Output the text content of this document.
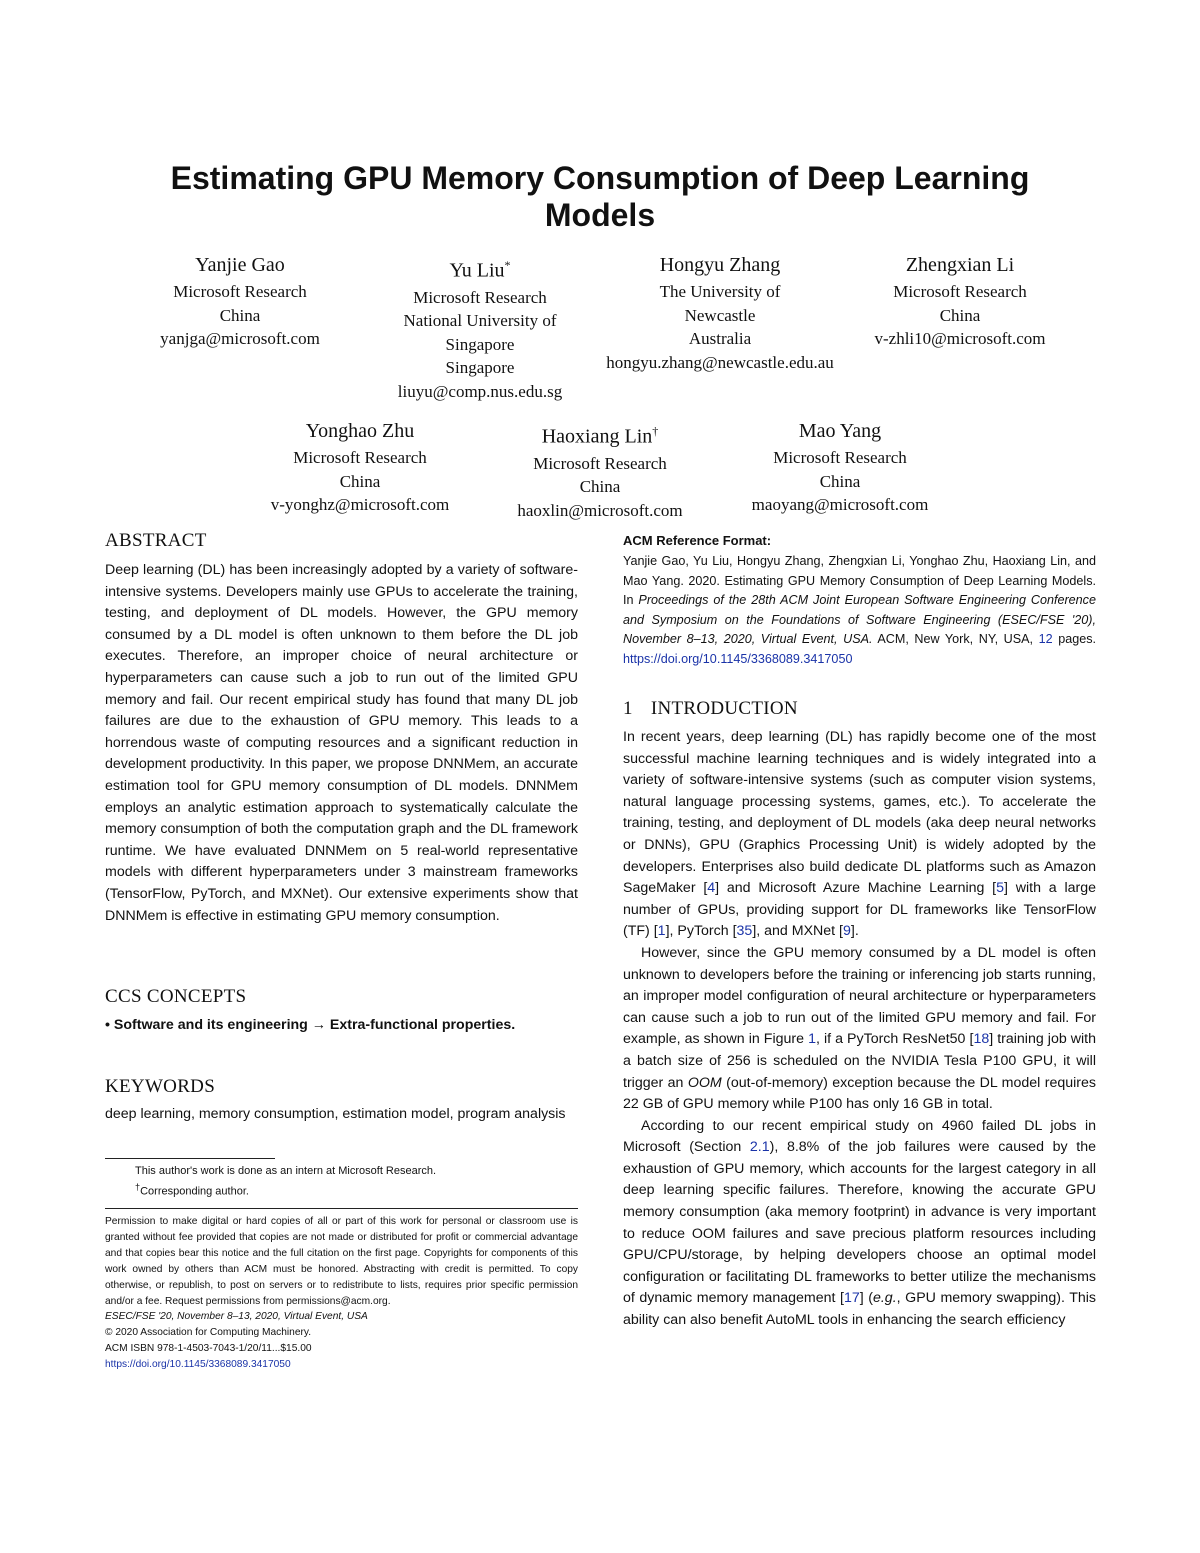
Estimating GPU Memory Consumption of Deep Learning
Models
Yanjie Gao
Microsoft Research
China
yanjga@microsoft.com
Yu Liu*
Microsoft Research
National University of
Singapore
Singapore
liuyu@comp.nus.edu.sg
Hongyu Zhang
The University of
Newcastle
Australia
hongyu.zhang@newcastle.edu.au
Zhengxian Li
Microsoft Research
China
v-zhli10@microsoft.com
Yonghao Zhu
Microsoft Research
China
v-yonghz@microsoft.com
Haoxiang Lin†
Microsoft Research
China
haoxlin@microsoft.com
Mao Yang
Microsoft Research
China
maoyang@microsoft.com
ABSTRACT

Deep learning (DL) has been increasingly adopted by a variety of software-intensive systems. Developers mainly use GPUs to accelerate the training, testing, and deployment of DL models. However, the GPU memory consumed by a DL model is often unknown to them before the DL job executes. Therefore, an improper choice of neural architecture or hyperparameters can cause such a job to run out of the limited GPU memory and fail. Our recent empirical study has found that many DL job failures are due to the exhaustion of GPU memory. This leads to a horrendous waste of computing resources and a significant reduction in development productivity. In this paper, we propose DNNMem, an accurate estimation tool for GPU memory consumption of DL models. DNNMem employs an analytic estimation approach to systematically calculate the memory consumption of both the computation graph and the DL framework runtime. We have evaluated DNNMem on 5 real-world representative models with different hyperparameters under 3 mainstream frameworks (TensorFlow, PyTorch, and MXNet). Our extensive experiments show that DNNMem is effective in estimating GPU memory consumption.

CCS CONCEPTS

• Software and its engineering → Extra-functional properties.

KEYWORDS

deep learning, memory consumption, estimation model, program analysis

This author's work is done as an intern at Microsoft Research.
†Corresponding author.
Permission to make digital or hard copies of all or part of this work for personal or classroom use is granted without fee provided that copies are not made or distributed for profit or commercial advantage and that copies bear this notice and the full citation on the first page. Copyrights for components of this work owned by others than ACM must be honored. Abstracting with credit is permitted. To copy otherwise, or republish, to post on servers or to redistribute to lists, requires prior specific permission and/or a fee. Request permissions from permissions@acm.org.
ESEC/FSE '20, November 8–13, 2020, Virtual Event, USA
© 2020 Association for Computing Machinery.
ACM ISBN 978-1-4503-7043-1/20/11...$15.00
https://doi.org/10.1145/3368089.3417050
ACM Reference Format:

Yanjie Gao, Yu Liu, Hongyu Zhang, Zhengxian Li, Yonghao Zhu, Haoxiang Lin, and Mao Yang. 2020. Estimating GPU Memory Consumption of Deep Learning Models. In Proceedings of the 28th ACM Joint European Software Engineering Conference and Symposium on the Foundations of Software Engineering (ESEC/FSE '20), November 8–13, 2020, Virtual Event, USA. ACM, New York, NY, USA, 12 pages. https://doi.org/10.1145/3368089.3417050

1 INTRODUCTION

In recent years, deep learning (DL) has rapidly become one of the most successful machine learning techniques and is widely integrated into a variety of software-intensive systems (such as computer vision systems, natural language processing systems, games, etc.). To accelerate the training, testing, and deployment of DL models (aka deep neural networks or DNNs), GPU (Graphics Processing Unit) is widely adopted by the developers. Enterprises also build dedicate DL platforms such as Amazon SageMaker [4] and Microsoft Azure Machine Learning [5] with a large number of GPUs, providing support for DL frameworks like TensorFlow (TF) [1], PyTorch [35], and MXNet [9].

However, since the GPU memory consumed by a DL model is often unknown to developers before the training or inferencing job starts running, an improper model configuration of neural architecture or hyperparameters can cause such a job to run out of the limited GPU memory and fail. For example, as shown in Figure 1, if a PyTorch ResNet50 [18] training job with a batch size of 256 is scheduled on the NVIDIA Tesla P100 GPU, it will trigger an OOM (out-of-memory) exception because the DL model requires 22 GB of GPU memory while P100 has only 16 GB in total.

According to our recent empirical study on 4960 failed DL jobs in Microsoft (Section 2.1), 8.8% of the job failures were caused by the exhaustion of GPU memory, which accounts for the largest category in all deep learning specific failures. Therefore, knowing the accurate GPU memory consumption (aka memory footprint) in advance is very important to reduce OOM failures and save precious platform resources including GPU/CPU/storage, by helping developers choose an optimal model configuration or facilitating DL frameworks to better utilize the mechanisms of dynamic memory management [17] (e.g., GPU memory swapping). This ability can also benefit AutoML tools in enhancing the search efficiency
